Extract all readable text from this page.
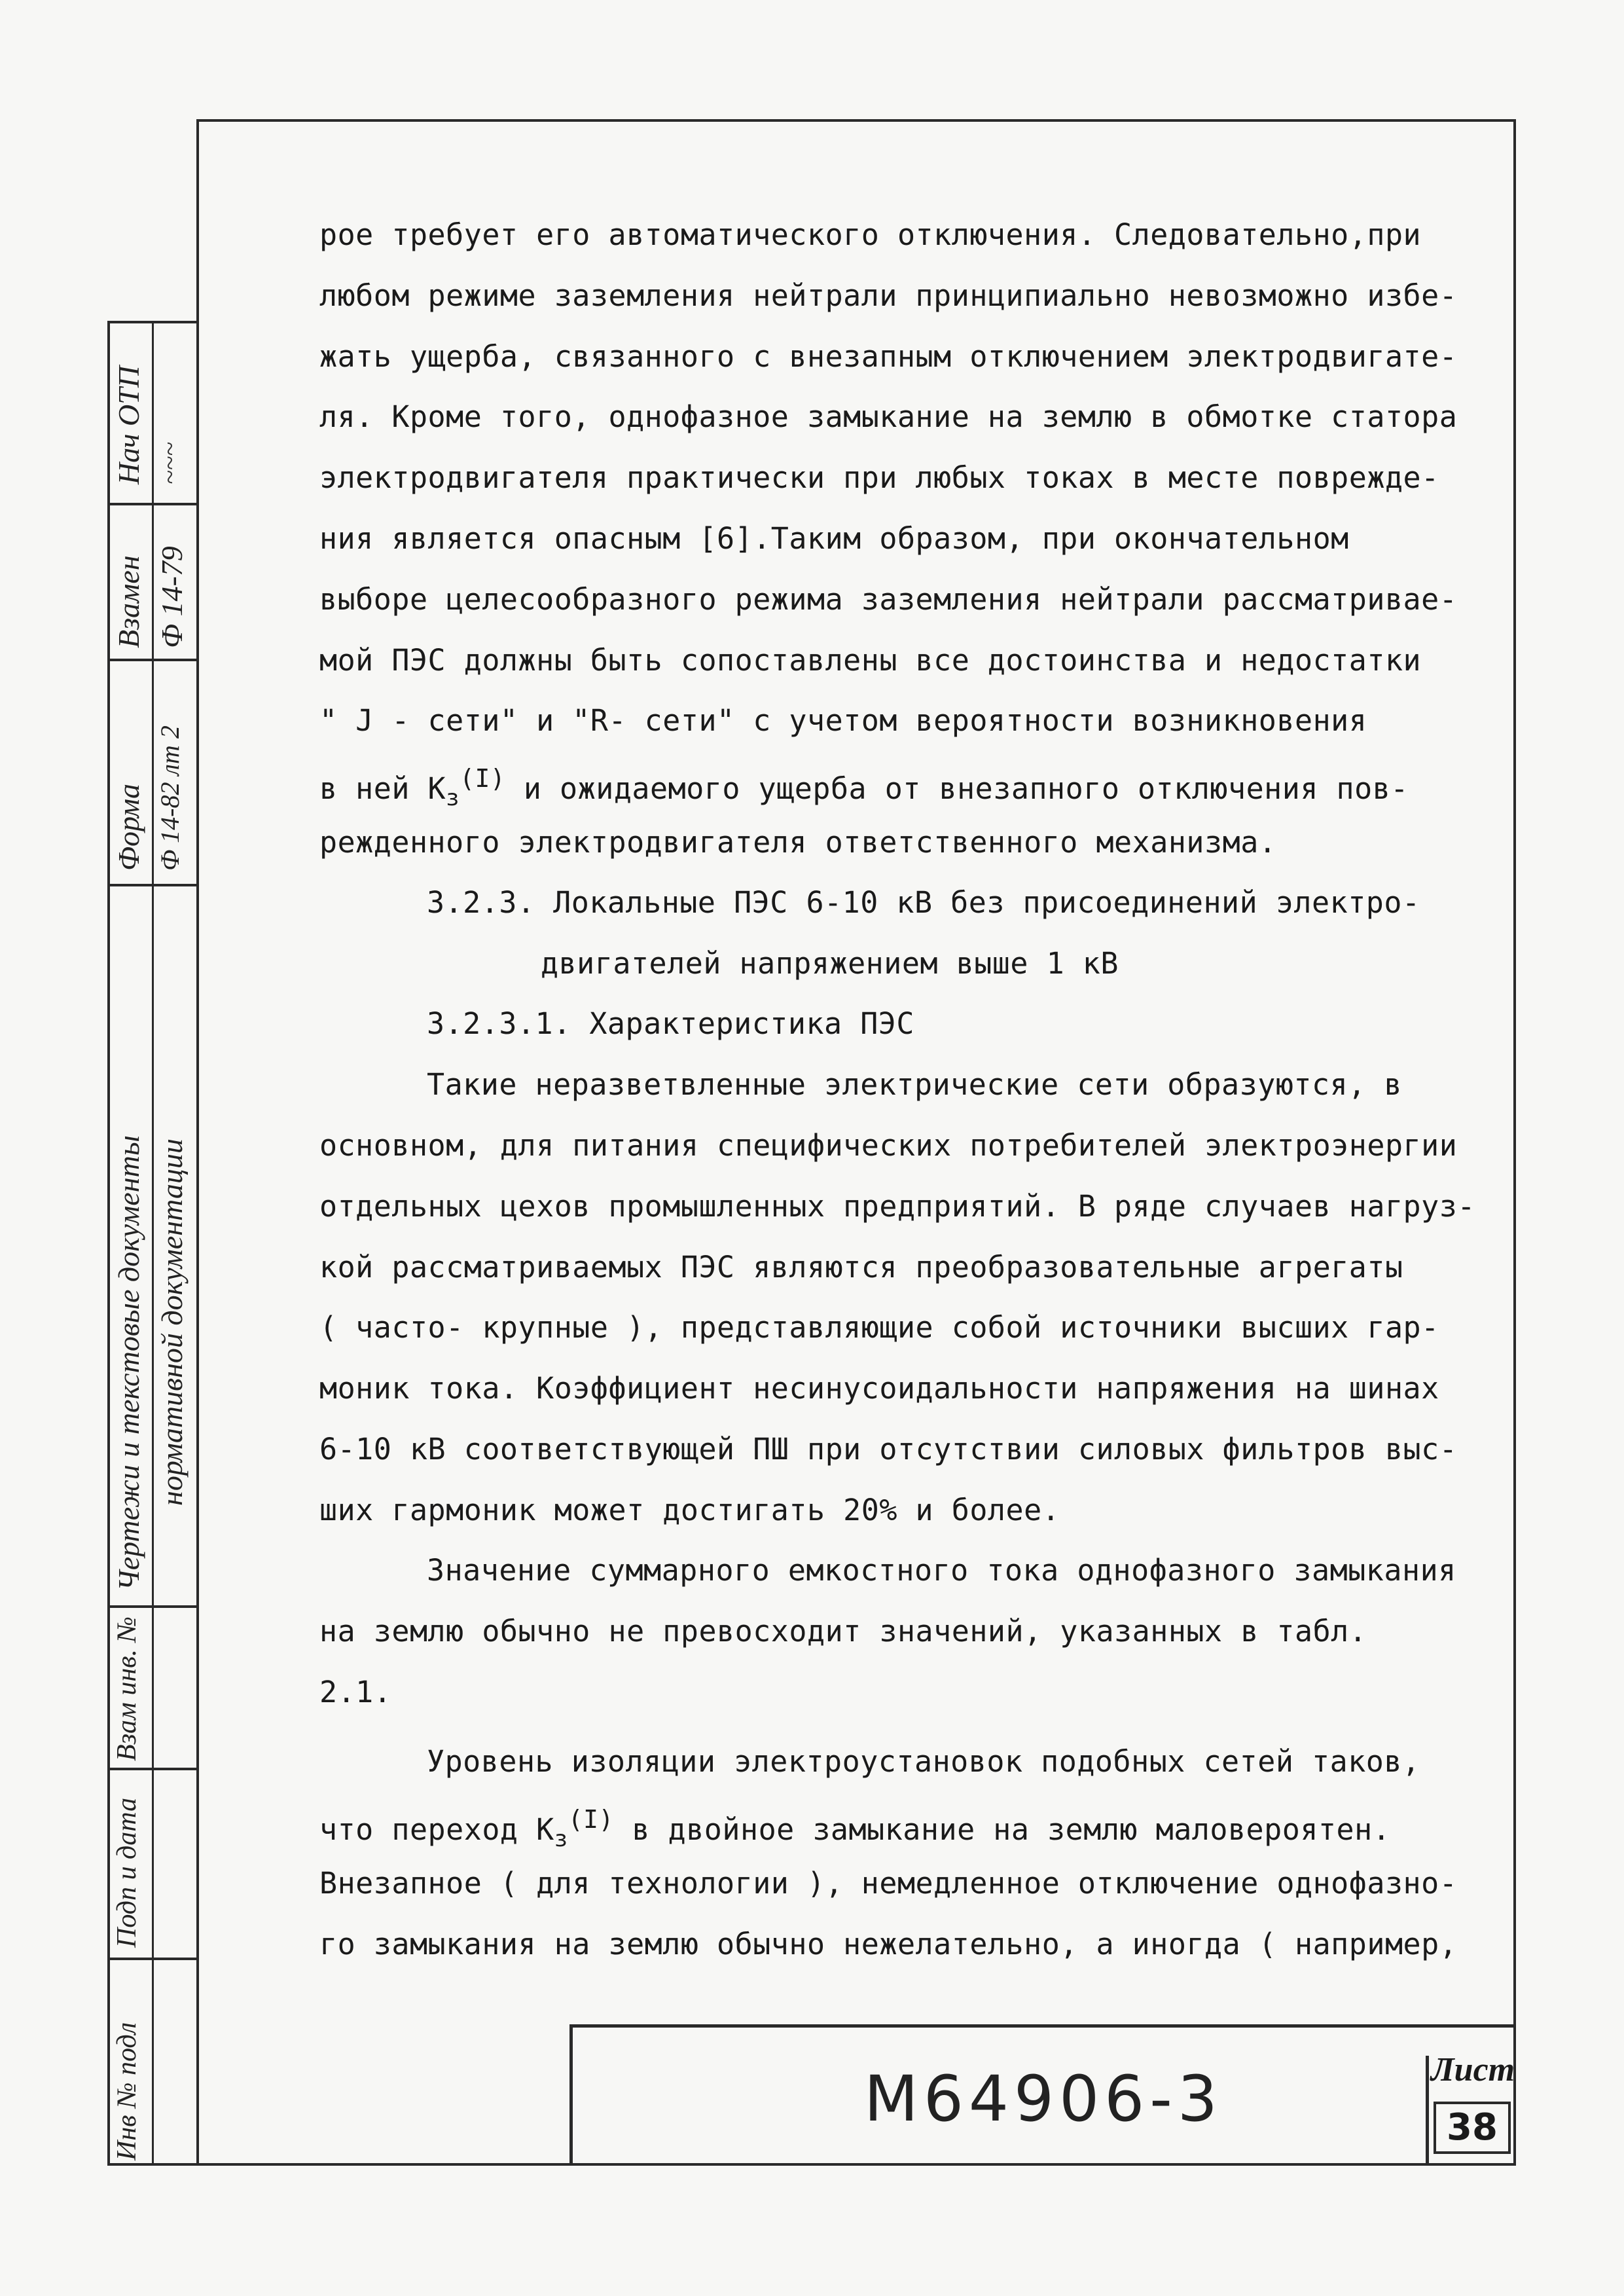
Нач ОТП ~~~
Взамен Ф 14-79
Форма Ф 14-82 лт 2
Чертежи и текстовые документы нормативной документации
Взам инв. №
Подп и дата
Инв № подл
рое требует его автоматического отключения. Следовательно,при
любом режиме заземления нейтрали принципиально невозможно избе-
жать ущерба, связанного с внезапным отключением электродвигате-
ля. Кроме того, однофазное замыкание на землю в обмотке статора
электродвигателя практически при любых токах в месте поврежде-
ния является опасным [6].Таким образом, при окончательном
выборе целесообразного режима заземления нейтрали рассматривае-
мой ПЭС должны быть сопоставлены все достоинства и недостатки
" J - сети" и "R- сети" с учетом вероятности возникновения
в ней $К_з^{(I)}$ и ожидаемого ущерба от внезапного отключения пов-
режденного электродвигателя ответственного механизма.
3.2.3. Локальные ПЭС 6-10 кВ без присоединений электро-
двигателей напряжением выше 1 кВ
3.2.3.1. Характеристика ПЭС
Такие неразветвленные электрические сети образуются, в
основном, для питания специфических потребителей электроэнергии
отдельных цехов промышленных предприятий. В ряде случаев нагруз-
кой рассматриваемых ПЭС являются преобразовательные агрегаты
( часто- крупные ), представляющие собой источники высших гар-
моник тока. Коэффициент несинусоидальности напряжения на шинах
6-10 кВ соответствующей ПШ при отсутствии силовых фильтров выс-
ших гармоник может достигать 20% и более.
Значение суммарного емкостного тока однофазного замыкания
на землю обычно не превосходит значений, указанных в табл.
2.1.
Уровень изоляции электроустановок подобных сетей таков,
что переход $К_з^{(I)}$ в двойное замыкание на землю маловероятен.
Внезапное ( для технологии ), немедленное отключение однофазно-
го замыкания на землю обычно нежелательно, а иногда ( например,
М64906-3	Лист
38
